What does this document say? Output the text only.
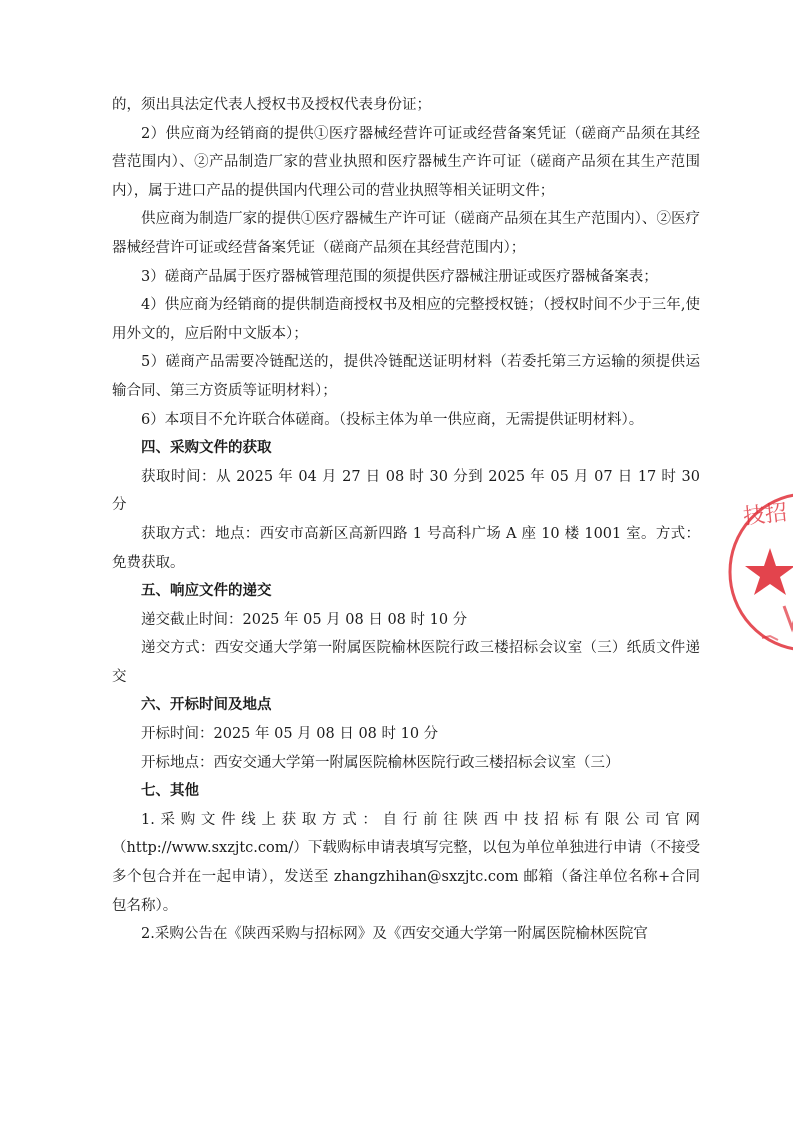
的，须出具法定代表人授权书及授权代表身份证；

2）供应商为经销商的提供①医疗器械经营许可证或经营备案凭证（磋商产品须在其经营范围内）、②产品制造厂家的营业执照和医疗器械生产许可证（磋商产品须在其生产范围内），属于进口产品的提供国内代理公司的营业执照等相关证明文件；

供应商为制造厂家的提供①医疗器械生产许可证（磋商产品须在其生产范围内）、②医疗器械经营许可证或经营备案凭证（磋商产品须在其经营范围内）；

3）磋商产品属于医疗器械管理范围的须提供医疗器械注册证或医疗器械备案表；

4）供应商为经销商的提供制造商授权书及相应的完整授权链；（授权时间不少于三年,使用外文的，应后附中文版本）；

5）磋商产品需要冷链配送的，提供冷链配送证明材料（若委托第三方运输的须提供运输合同、第三方资质等证明材料）；

6）本项目不允许联合体磋商。（投标主体为单一供应商，无需提供证明材料）。

四、采购文件的获取

获取时间：从 2025 年 04 月 27 日 08 时 30 分到 2025 年 05 月 07 日 17 时 30 分

获取方式：地点：西安市高新区高新四路 1 号高科广场 A 座 10 楼 1001 室。方式：免费获取。

五、响应文件的递交

递交截止时间：2025 年 05 月 08 日 08 时 10 分

递交方式：西安交通大学第一附属医院榆林医院行政三楼招标会议室（三）纸质文件递交

六、开标时间及地点

开标时间：2025 年 05 月 08 日 08 时 10 分

开标地点：西安交通大学第一附属医院榆林医院行政三楼招标会议室（三）

七、其他

1.采购文件线上获取方式：自行前往陕西中技招标有限公司官网（http://www.sxzjtc.com/）下载购标申请表填写完整，以包为单位单独进行申请（不接受多个包合并在一起申请），发送至 zhangzhihan@sxzjtc.com 邮箱（备注单位名称+合同包名称）。

2.采购公告在《陕西采购与招标网》及《西安交通大学第一附属医院榆林医院官

技招
